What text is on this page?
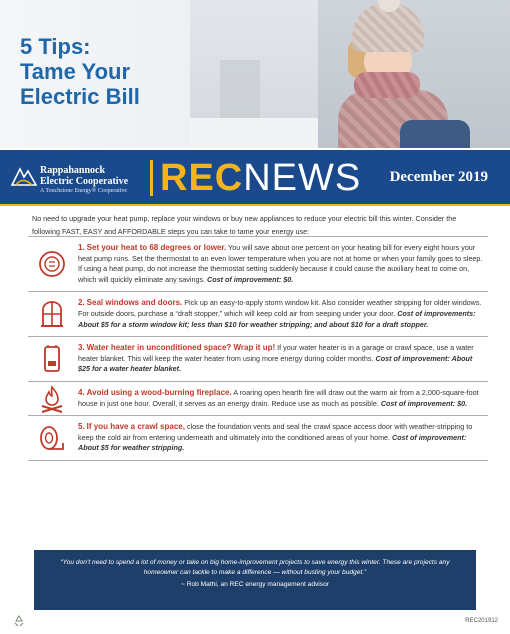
5 Tips:
Tame Your
Electric Bill
Rappahannock
Electric Cooperative
A Touchstone Energy® Cooperative RECNEWS December 2019

No need to upgrade your heat pump, replace your windows or buy new appliances to reduce your electric bill this winter. Consider the following FAST, EASY and AFFORDABLE steps you can take to tame your energy use:

1. Set your heat to 68 degrees or lower. You will save about one percent on your heating bill for every eight hours your heat pump runs. Set the thermostat to an even lower temperature when you are not at home or when your family goes to sleep. If using a heat pump, do not increase the thermostat setting suddenly because it could cause the auxiliary heat to come on, which will quickly eliminate any savings. Cost of improvement: $0.

2. Seal windows and doors. Pick up an easy-to-apply storm window kit. Also consider weather stripping for older windows. For outside doors, purchase a “draft stopper,” which will keep cold air from seeping under your door. Cost of improvements: About $5 for a storm window kit; less than $10 for weather stripping; and about $10 for a draft stopper.

3. Water heater in unconditioned space? Wrap it up! If your water heater is in a garage or crawl space, use a water heater blanket. This will keep the water heater from using more energy during colder months. Cost of improvement: About $25 for a water heater blanket.

4. Avoid using a wood-burning fireplace. A roaring open hearth fire will draw out the warm air from a 2,000-square-foot house in just one hour. Overall, it serves as an energy drain. Reduce use as much as possible. Cost of improvement: $0.

5. If you have a crawl space, close the foundation vents and seal the crawl space access door with weather-stripping to keep the cold air from entering underneath and ultimately into the conditioned areas of your home. Cost of improvement: About $5 for weather stripping.

“You don’t need to spend a lot of money or take on big home-improvement projects to save energy this winter. These are projects any homeowner can tackle to make a difference — without busting your budget.”
~ Rob Mathi, an REC energy management advisor
REC201912
